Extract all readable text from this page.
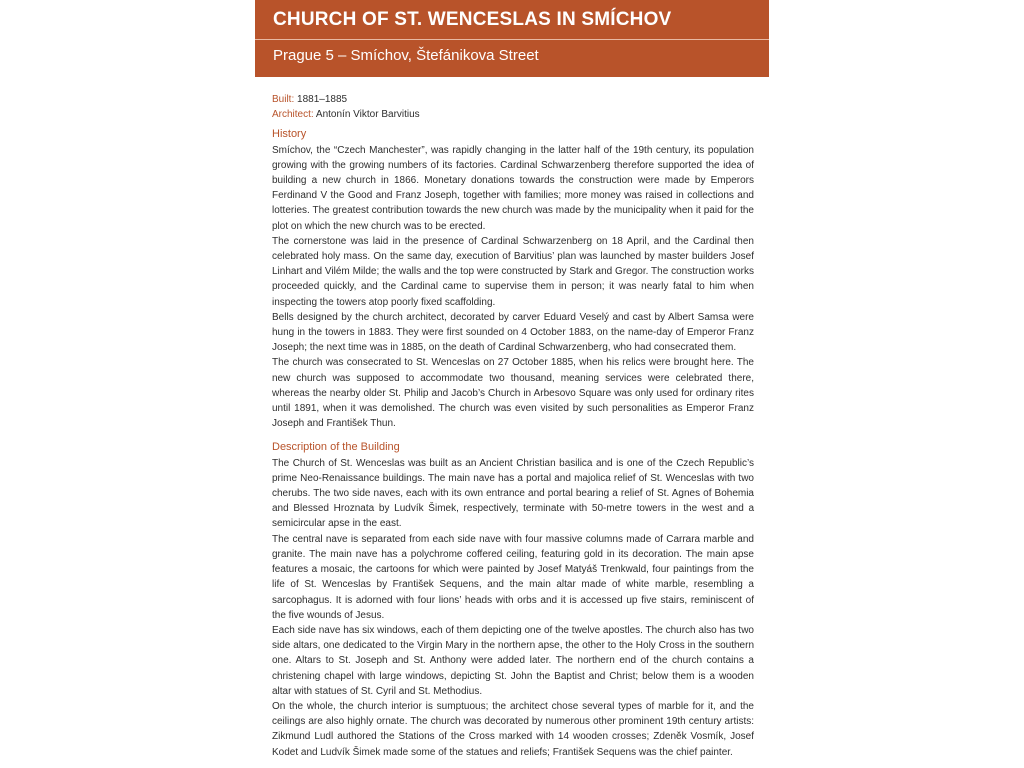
CHURCH OF ST. WENCESLAS IN SMÍCHOV
Prague 5 – Smíchov, Štefánikova Street
Built: 1881–1885
Architect: Antonín Viktor Barvitius
History

Smíchov, the “Czech Manchester”, was rapidly changing in the latter half of the 19th century, its population growing with the growing numbers of its factories. Cardinal Schwarzenberg therefore supported the idea of building a new church in 1866. Monetary donations towards the construction were made by Emperors Ferdinand V the Good and Franz Joseph, together with families; more money was raised in collections and lotteries. The greatest contribution towards the new church was made by the municipality when it paid for the plot on which the new church was to be erected.

The cornerstone was laid in the presence of Cardinal Schwarzenberg on 18 April, and the Cardinal then celebrated holy mass. On the same day, execution of Barvitius’ plan was launched by master builders Josef Linhart and Vilém Milde; the walls and the top were constructed by Stark and Gregor. The construction works proceeded quickly, and the Cardinal came to supervise them in person; it was nearly fatal to him when inspecting the towers atop poorly fixed scaffolding.

Bells designed by the church architect, decorated by carver Eduard Veselý and cast by Albert Samsa were hung in the towers in 1883. They were first sounded on 4 October 1883, on the name-day of Emperor Franz Joseph; the next time was in 1885, on the death of Cardinal Schwarzenberg, who had consecrated them.

The church was consecrated to St. Wenceslas on 27 October 1885, when his relics were brought here. The new church was supposed to accommodate two thousand, meaning services were celebrated there, whereas the nearby older St. Philip and Jacob’s Church in Arbesovo Square was only used for ordinary rites until 1891, when it was demolished. The church was even visited by such personalities as Emperor Franz Joseph and František Thun.

Description of the Building

The Church of St. Wenceslas was built as an Ancient Christian basilica and is one of the Czech Republic’s prime Neo-Renaissance buildings. The main nave has a portal and majolica relief of St. Wenceslas with two cherubs. The two side naves, each with its own entrance and portal bearing a relief of St. Agnes of Bohemia and Blessed Hroznata by Ludvík Šimek, respectively, terminate with 50-metre towers in the west and a semicircular apse in the east.

The central nave is separated from each side nave with four massive columns made of Carrara marble and granite. The main nave has a polychrome coffered ceiling, featuring gold in its decoration. The main apse features a mosaic, the cartoons for which were painted by Josef Matyáš Trenkwald, four paintings from the life of St. Wenceslas by František Sequens, and the main altar made of white marble, resembling a sarcophagus. It is adorned with four lions’ heads with orbs and it is accessed up five stairs, reminiscent of the five wounds of Jesus.

Each side nave has six windows, each of them depicting one of the twelve apostles. The church also has two side altars, one dedicated to the Virgin Mary in the northern apse, the other to the Holy Cross in the southern one. Altars to St. Joseph and St. Anthony were added later. The northern end of the church contains a christening chapel with large windows, depicting St. John the Baptist and Christ; below them is a wooden altar with statues of St. Cyril and St. Methodius.

On the whole, the church interior is sumptuous; the architect chose several types of marble for it, and the ceilings are also highly ornate. The church was decorated by numerous other prominent 19th century artists: Zikmund Ludl authored the Stations of the Cross marked with 14 wooden crosses; Zdeněk Vosmík, Josef Kodet and Ludvík Šimek made some of the statues and reliefs; František Sequens was the chief painter.
